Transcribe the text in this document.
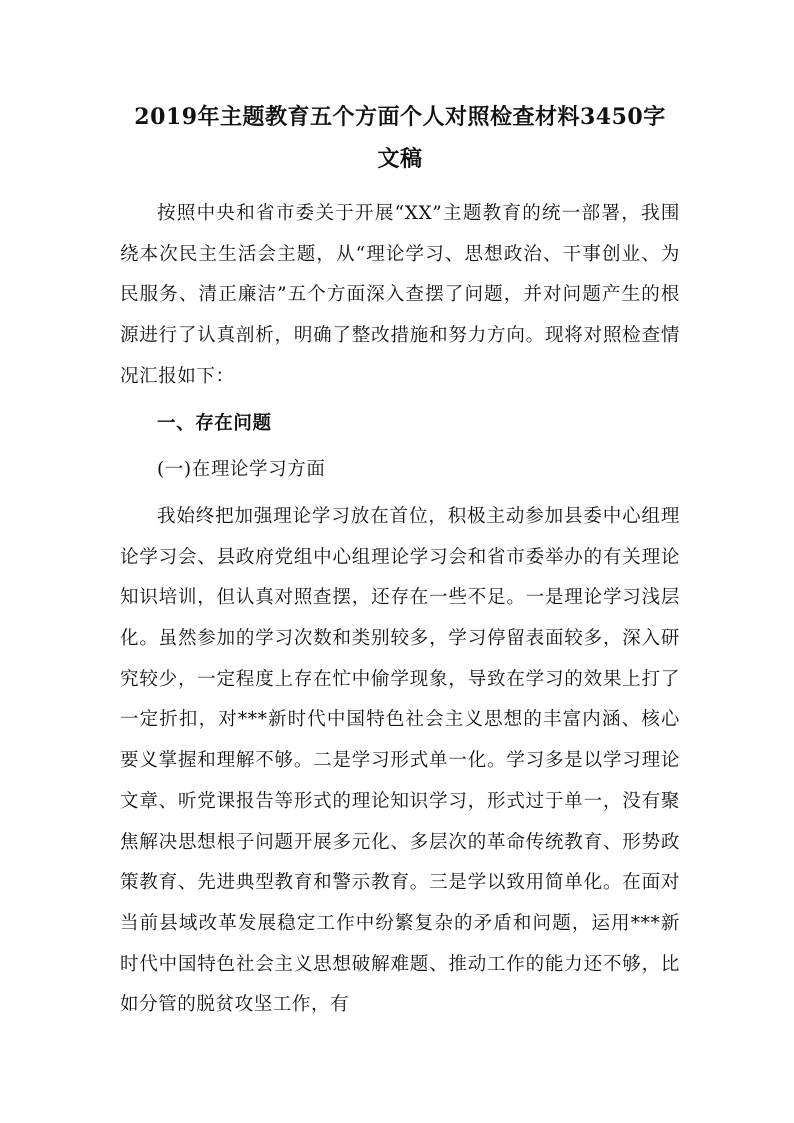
2019年主题教育五个方面个人对照检查材料3450字
文稿

按照中央和省市委关于开展“XX”主题教育的统一部署，我围绕本次民主生活会主题，从“理论学习、思想政治、干事创业、为民服务、清正廉洁”五个方面深入查摆了问题，并对问题产生的根源进行了认真剖析，明确了整改措施和努力方向。现将对照检查情况汇报如下：

一、存在问题

(一)在理论学习方面

我始终把加强理论学习放在首位，积极主动参加县委中心组理论学习会、县政府党组中心组理论学习会和省市委举办的有关理论知识培训，但认真对照查摆，还存在一些不足。一是理论学习浅层化。虽然参加的学习次数和类别较多，学习停留表面较多，深入研究较少，一定程度上存在忙中偷学现象，导致在学习的效果上打了一定折扣，对***新时代中国特色社会主义思想的丰富内涵、核心要义掌握和理解不够。二是学习形式单一化。学习多是以学习理论文章、听党课报告等形式的理论知识学习，形式过于单一，没有聚焦解决思想根子问题开展多元化、多层次的革命传统教育、形势政策教育、先进典型教育和警示教育。三是学以致用简单化。在面对当前县域改革发展稳定工作中纷繁复杂的矛盾和问题，运用***新时代中国特色社会主义思想破解难题、推动工作的能力还不够，比如分管的脱贫攻坚工作，有
